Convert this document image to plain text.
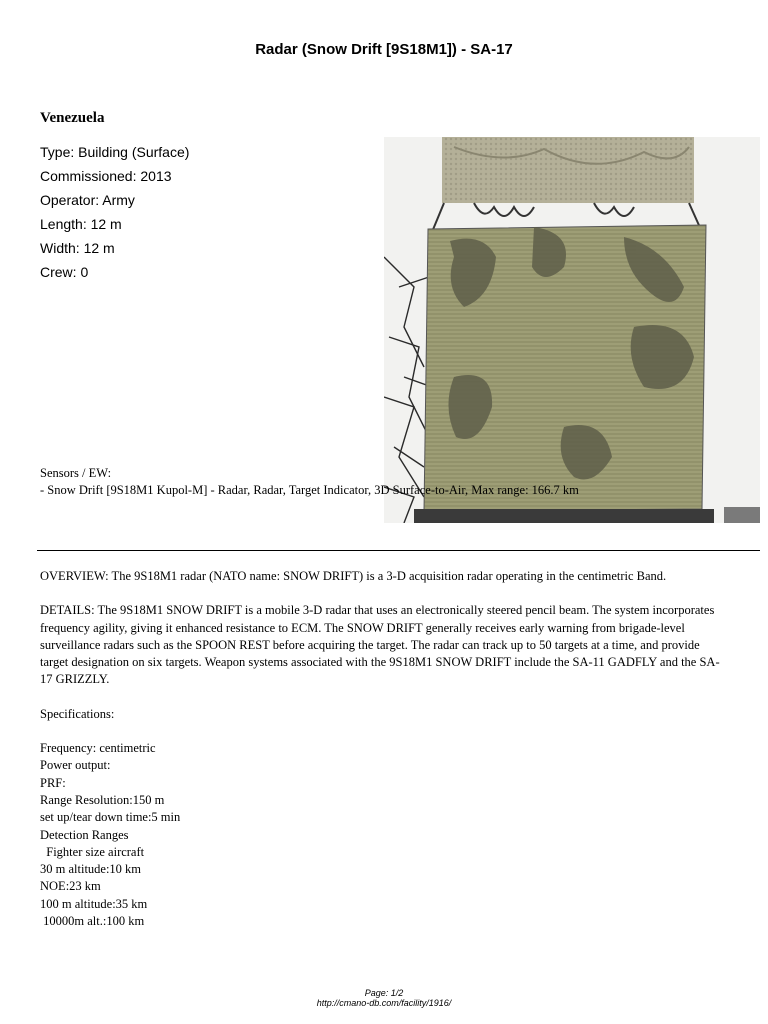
Radar (Snow Drift [9S18M1]) - SA-17
Venezuela
Type: Building (Surface)
Commissioned: 2013
Operator: Army
Length: 12 m
Width: 12 m
Crew: 0
Sensors / EW:
- Snow Drift [9S18M1 Kupol-M] - Radar, Radar, Target Indicator, 3D Surface-to-Air, Max range: 166.7 km

OVERVIEW: The 9S18M1 radar (NATO name: SNOW DRIFT) is a 3-D acquisition radar operating in the centimetric Band.

DETAILS: The 9S18M1 SNOW DRIFT is a mobile 3-D radar that uses an electronically steered pencil beam. The system incorporates frequency agility, giving it enhanced resistance to ECM. The SNOW DRIFT generally receives early warning from brigade-level surveillance radars such as the SPOON REST before acquiring the target. The radar can track up to 50 targets at a time, and provide target designation on six targets. Weapon systems associated with the 9S18M1 SNOW DRIFT include the SA-11 GADFLY and the SA-17 GRIZZLY.

Specifications:

Frequency: centimetric
Power output:
PRF:
Range Resolution:150 m
set up/tear down time:5 min
Detection Ranges
Fighter size aircraft
30 m altitude:10 km
NOE:23 km
100 m altitude:35 km
10000m alt.:100 km
Page: 1/2
http://cmano-db.com/facility/1916/
